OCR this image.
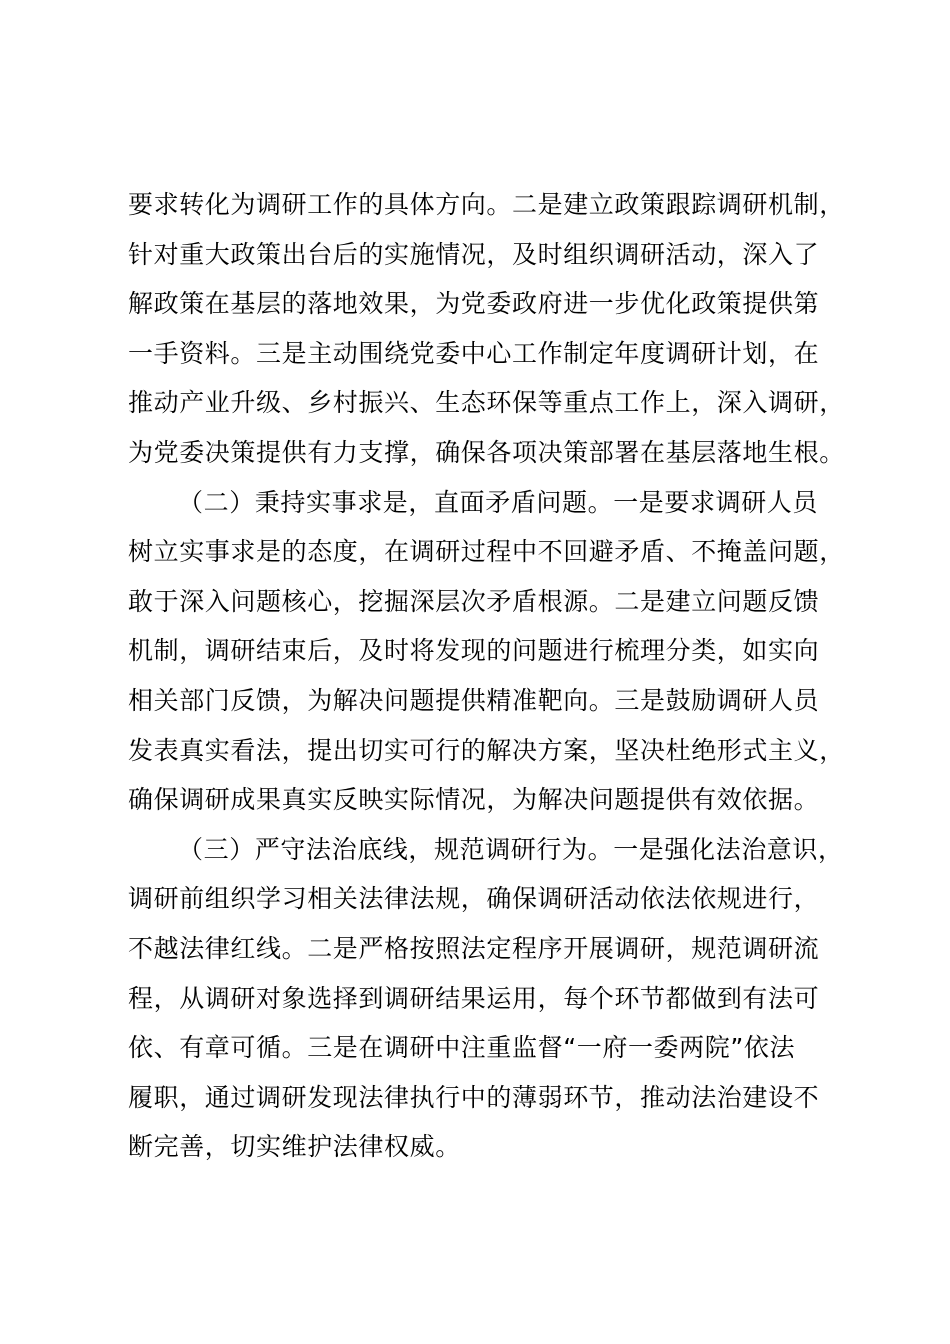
要求转化为调研工作的具体方向。二是建立政策跟踪调研机制，
针对重大政策出台后的实施情况，及时组织调研活动，深入了
解政策在基层的落地效果，为党委政府进一步优化政策提供第
一手资料。三是主动围绕党委中心工作制定年度调研计划，在
推动产业升级、乡村振兴、生态环保等重点工作上，深入调研，
为党委决策提供有力支撑，确保各项决策部署在基层落地生根。
（二）秉持实事求是，直面矛盾问题。一是要求调研人员
树立实事求是的态度，在调研过程中不回避矛盾、不掩盖问题，
敢于深入问题核心，挖掘深层次矛盾根源。二是建立问题反馈
机制，调研结束后，及时将发现的问题进行梳理分类，如实向
相关部门反馈，为解决问题提供精准靶向。三是鼓励调研人员
发表真实看法，提出切实可行的解决方案，坚决杜绝形式主义，
确保调研成果真实反映实际情况，为解决问题提供有效依据。
（三）严守法治底线，规范调研行为。一是强化法治意识，
调研前组织学习相关法律法规，确保调研活动依法依规进行，
不越法律红线。二是严格按照法定程序开展调研，规范调研流
程，从调研对象选择到调研结果运用，每个环节都做到有法可
依、有章可循。三是在调研中注重监督“一府一委两院”依法
履职，通过调研发现法律执行中的薄弱环节，推动法治建设不
断完善，切实维护法律权威。
